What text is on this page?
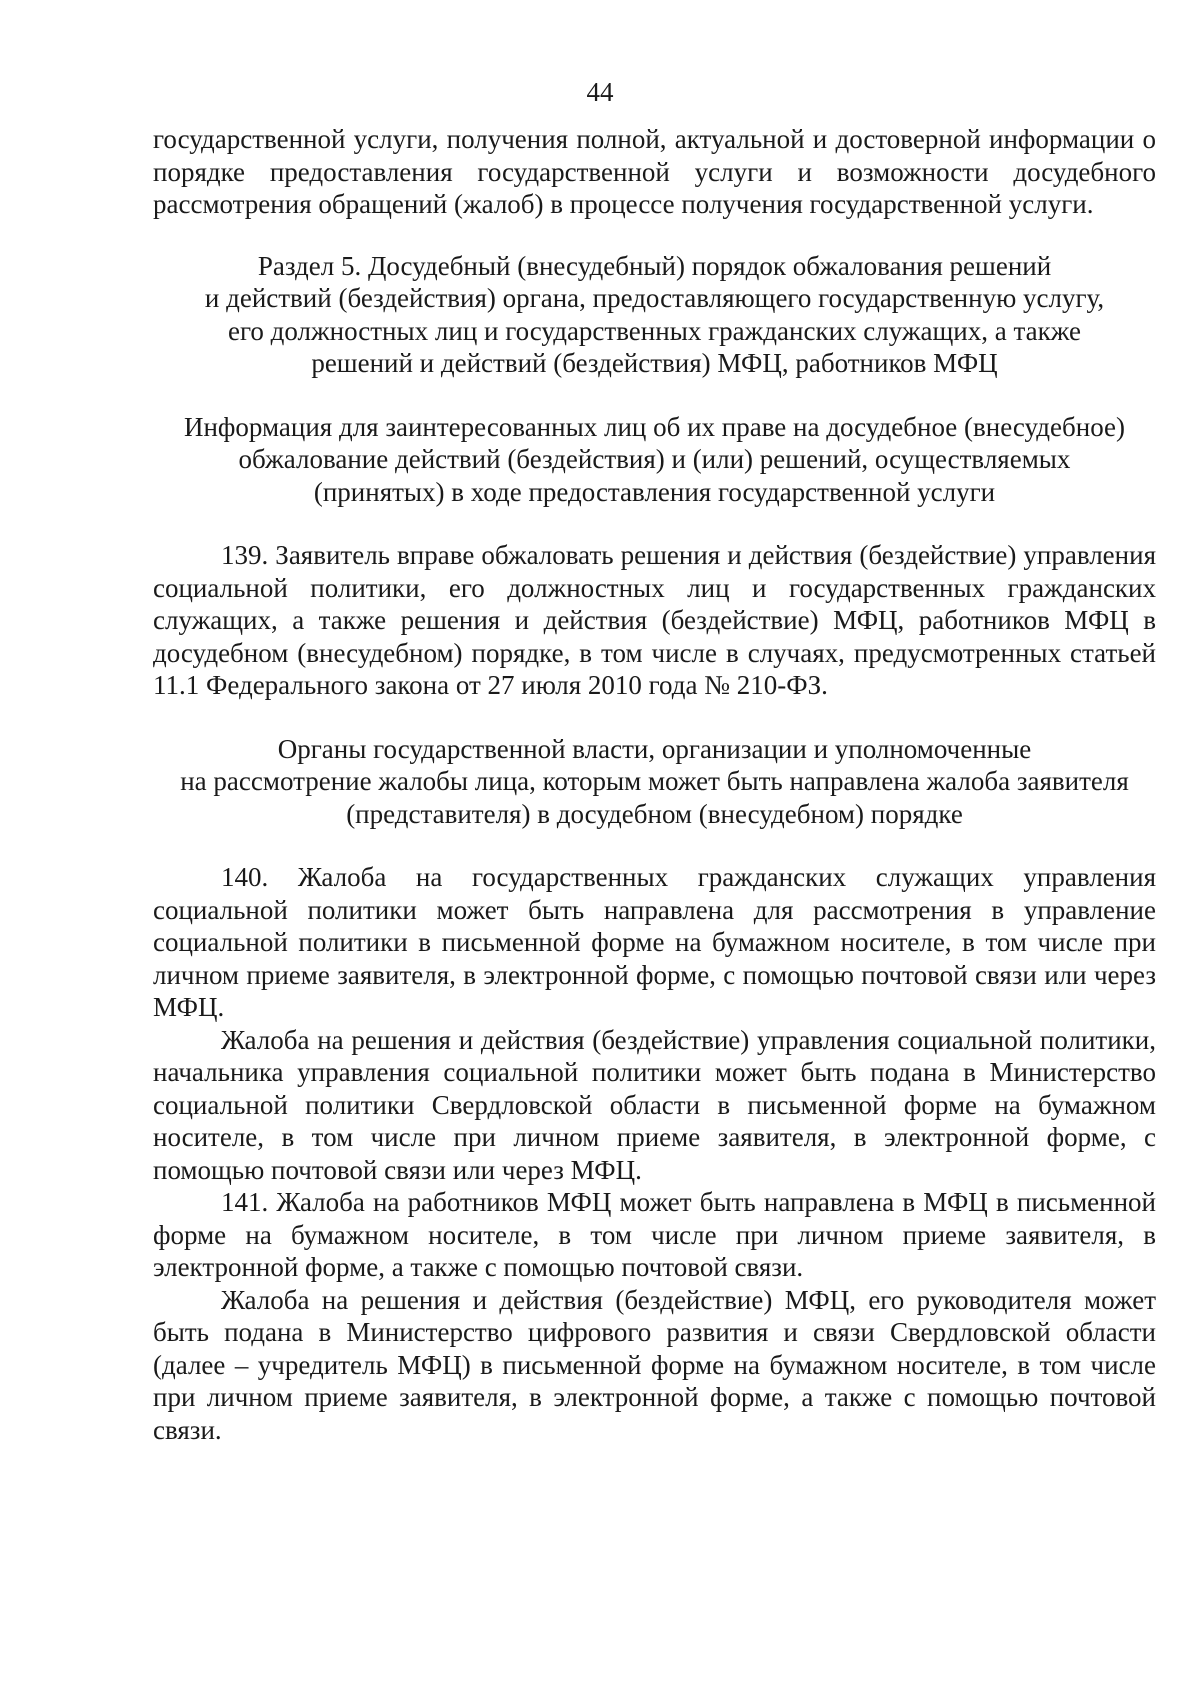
44

государственной услуги, получения полной, актуальной и достоверной информации о порядке предоставления государственной услуги и возможности досудебного рассмотрения обращений (жалоб) в процессе получения государственной услуги.

Раздел 5. Досудебный (внесудебный) порядок обжалования решений
и действий (бездействия) органа, предоставляющего государственную услугу,
его должностных лиц и государственных гражданских служащих, а также
решений и действий (бездействия) МФЦ, работников МФЦ
Информация для заинтересованных лиц об их праве на досудебное (внесудебное)
обжалование действий (бездействия) и (или) решений, осуществляемых
(принятых) в ходе предоставления государственной услуги

139. Заявитель вправе обжаловать решения и действия (бездействие) управления социальной политики, его должностных лиц и государственных гражданских служащих, а также решения и действия (бездействие) МФЦ, работников МФЦ в досудебном (внесудебном) порядке, в том числе в случаях, предусмотренных статьей 11.1 Федерального закона от 27 июля 2010 года № 210-ФЗ.

Органы государственной власти, организации и уполномоченные
на рассмотрение жалобы лица, которым может быть направлена жалоба заявителя
(представителя) в досудебном (внесудебном) порядке

140. Жалоба на государственных гражданских служащих управления социальной политики может быть направлена для рассмотрения в управление социальной политики в письменной форме на бумажном носителе, в том числе при личном приеме заявителя, в электронной форме, с помощью почтовой связи или через МФЦ.

Жалоба на решения и действия (бездействие) управления социальной политики, начальника управления социальной политики может быть подана в Министерство социальной политики Свердловской области в письменной форме на бумажном носителе, в том числе при личном приеме заявителя, в электронной форме, с помощью почтовой связи или через МФЦ.

141. Жалоба на работников МФЦ может быть направлена в МФЦ в письменной форме на бумажном носителе, в том числе при личном приеме заявителя, в электронной форме, а также с помощью почтовой связи.

Жалоба на решения и действия (бездействие) МФЦ, его руководителя может быть подана в Министерство цифрового развития и связи Свердловской области (далее – учредитель МФЦ) в письменной форме на бумажном носителе, в том числе при личном приеме заявителя, в электронной форме, а также с помощью почтовой связи.
